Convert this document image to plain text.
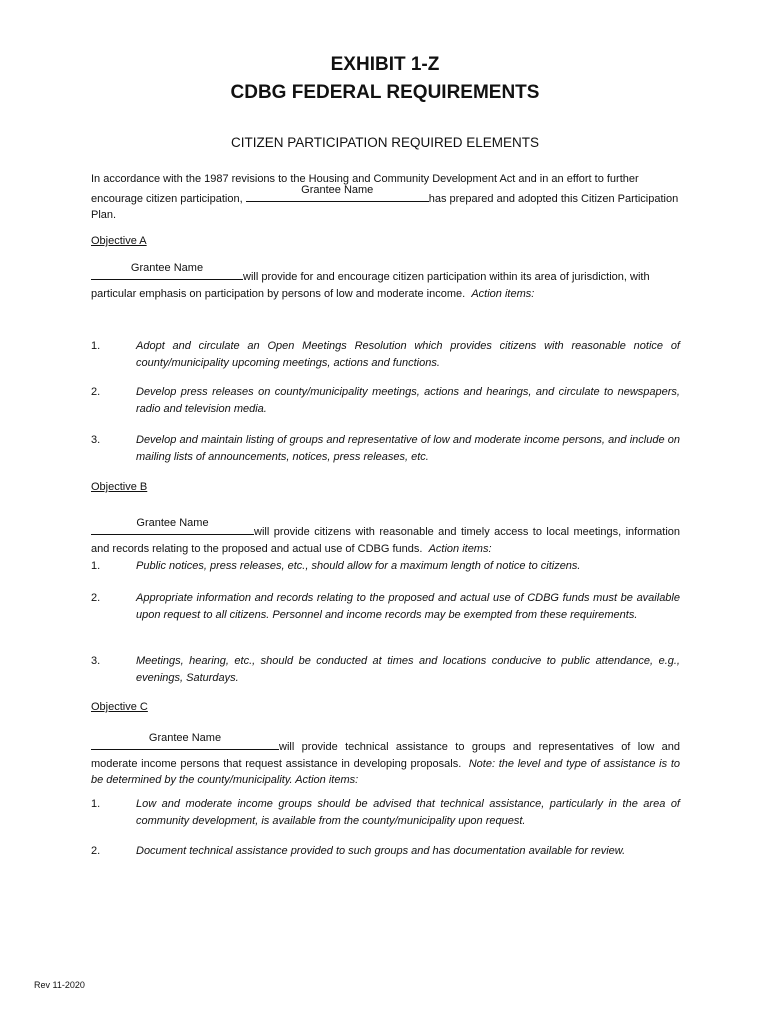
EXHIBIT 1-Z
CDBG FEDERAL REQUIREMENTS
CITIZEN PARTICIPATION REQUIRED ELEMENTS
In accordance with the 1987 revisions to the Housing and Community Development Act and in an effort to further encourage citizen participation,
Grantee Name
has prepared and adopted this Citizen Participation Plan.
Objective A
Grantee Name
will provide for and encourage citizen participation within its area of jurisdiction, with particular emphasis on participation by persons of low and moderate income. Action items:
1.	Adopt and circulate an Open Meetings Resolution which provides citizens with reasonable notice of county/municipality upcoming meetings, actions and functions.
2.	Develop press releases on county/municipality meetings, actions and hearings, and circulate to newspapers, radio and television media.
3.	Develop and maintain listing of groups and representative of low and moderate income persons, and include on mailing lists of announcements, notices, press releases, etc.
Objective B
Grantee Name
will provide citizens with reasonable and timely access to local meetings, information and records relating to the proposed and actual use of CDBG funds. Action items:
1.	Public notices, press releases, etc., should allow for a maximum length of notice to citizens.
2.	Appropriate information and records relating to the proposed and actual use of CDBG funds must be available upon request to all citizens. Personnel and income records may be exempted from these requirements.
3.	Meetings, hearing, etc., should be conducted at times and locations conducive to public attendance, e.g., evenings, Saturdays.
Objective C
Grantee Name
will provide technical assistance to groups and representatives of low and moderate income persons that request assistance in developing proposals. Note: the level and type of assistance is to be determined by the county/municipality. Action items:
1.	Low and moderate income groups should be advised that technical assistance, particularly in the area of community development, is available from the county/municipality upon request.
2.	Document technical assistance provided to such groups and has documentation available for review.
Rev 11-2020
